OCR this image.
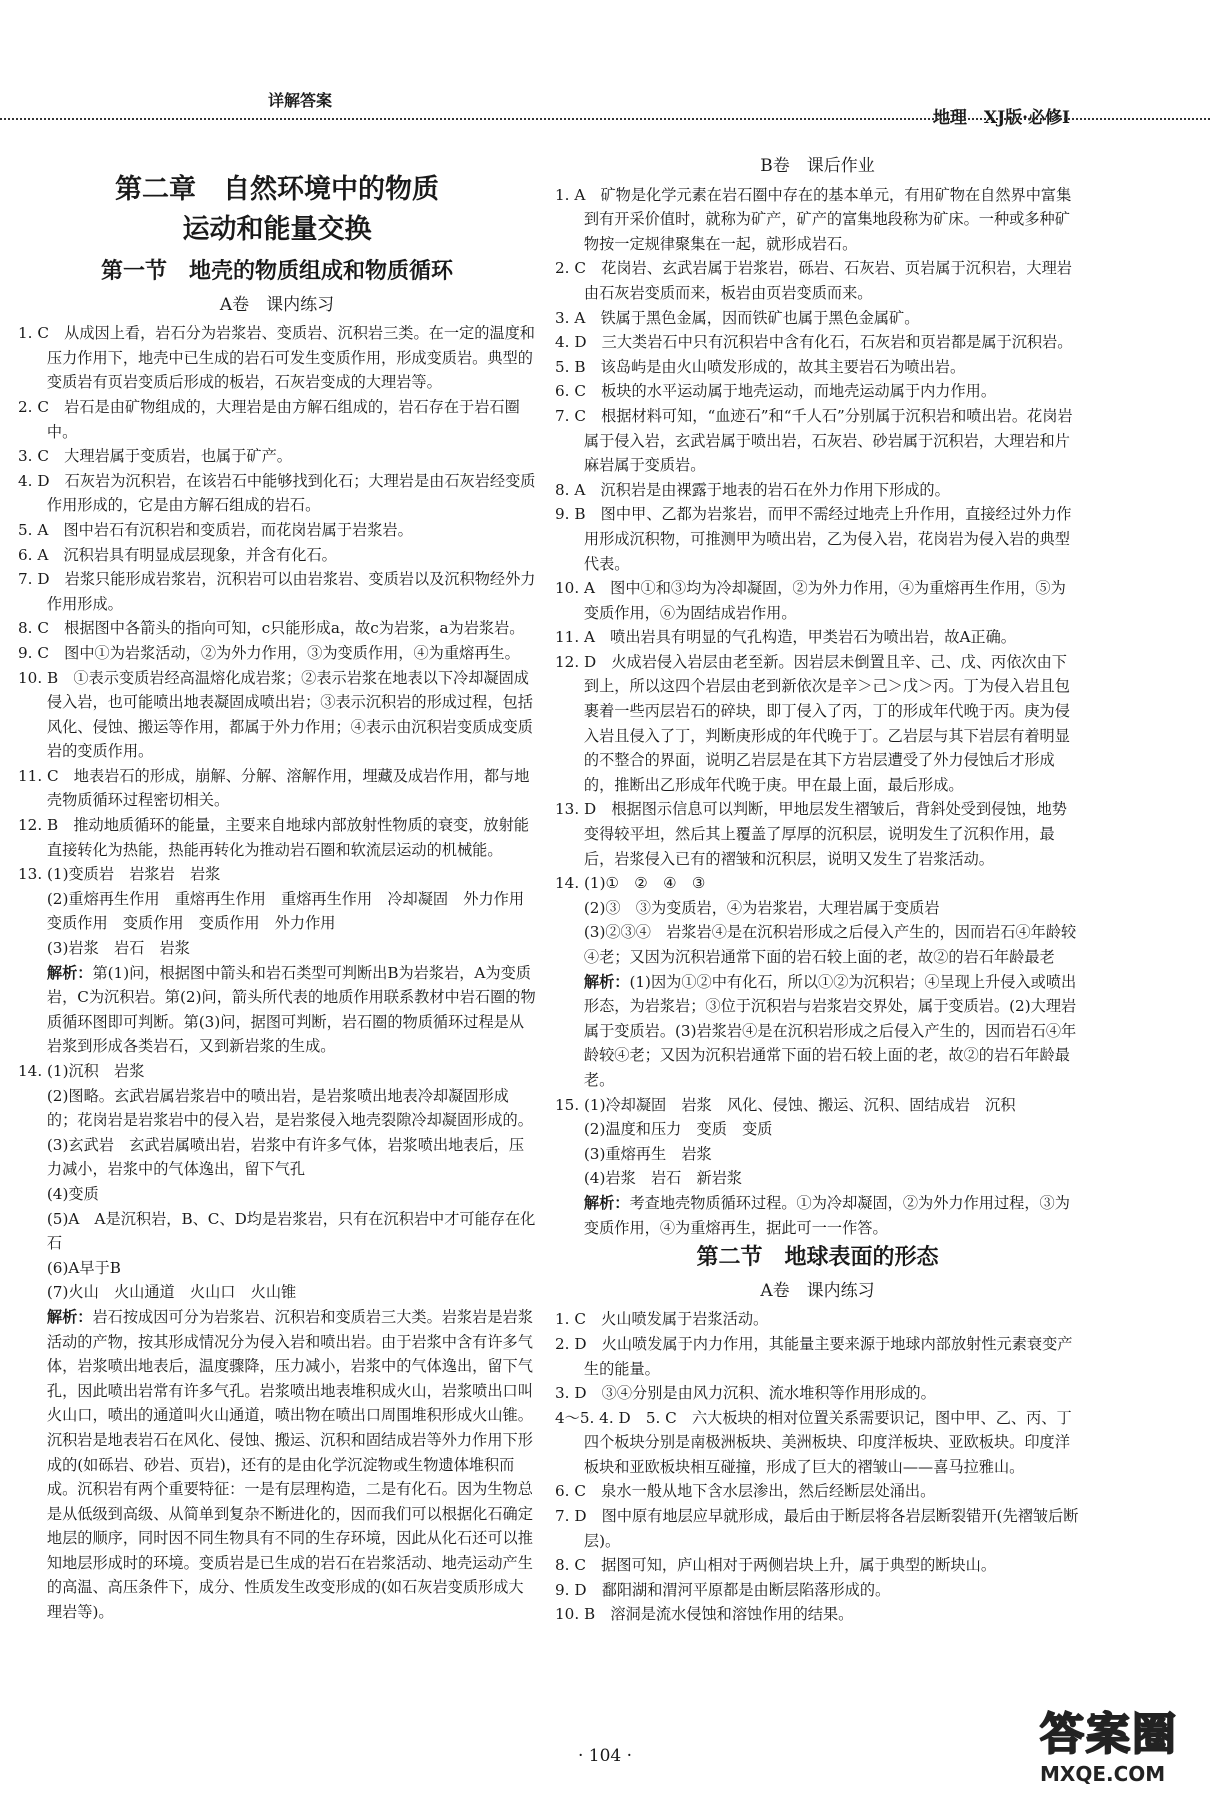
详解答案
地理　XJ版·必修Ⅰ
第二章　自然环境中的物质
运动和能量交换
第一节　地壳的物质组成和物质循环
A卷　课内练习

1. C　从成因上看，岩石分为岩浆岩、变质岩、沉积岩三类。在一定的温度和压力作用下，地壳中已生成的岩石可发生变质作用，形成变质岩。典型的变质岩有页岩变质后形成的板岩，石灰岩变成的大理岩等。

2. C　岩石是由矿物组成的，大理岩是由方解石组成的，岩石存在于岩石圈中。

3. C　大理岩属于变质岩，也属于矿产。

4. D　石灰岩为沉积岩，在该岩石中能够找到化石；大理岩是由石灰岩经变质作用形成的，它是由方解石组成的岩石。

5. A　图中岩石有沉积岩和变质岩，而花岗岩属于岩浆岩。

6. A　沉积岩具有明显成层现象，并含有化石。

7. D　岩浆只能形成岩浆岩，沉积岩可以由岩浆岩、变质岩以及沉积物经外力作用形成。

8. C　根据图中各箭头的指向可知，c只能形成a，故c为岩浆，a为岩浆岩。

9. C　图中①为岩浆活动，②为外力作用，③为变质作用，④为重熔再生。

10. B　①表示变质岩经高温熔化成岩浆；②表示岩浆在地表以下冷却凝固成侵入岩，也可能喷出地表凝固成喷出岩；③表示沉积岩的形成过程，包括风化、侵蚀、搬运等作用，都属于外力作用；④表示由沉积岩变质成变质岩的变质作用。

11. C　地表岩石的形成，崩解、分解、溶解作用，埋藏及成岩作用，都与地壳物质循环过程密切相关。

12. B　推动地质循环的能量，主要来自地球内部放射性物质的衰变，放射能直接转化为热能，热能再转化为推动岩石圈和软流层运动的机械能。

13. (1)变质岩　岩浆岩　岩浆

(2)重熔再生作用　重熔再生作用　重熔再生作用　冷却凝固　外力作用　变质作用　变质作用　变质作用　外力作用

(3)岩浆　岩石　岩浆

解析：第(1)问，根据图中箭头和岩石类型可判断出B为岩浆岩，A为变质岩，C为沉积岩。第(2)问，箭头所代表的地质作用联系教材中岩石圈的物质循环图即可判断。第(3)问，据图可判断，岩石圈的物质循环过程是从岩浆到形成各类岩石，又到新岩浆的生成。

14. (1)沉积　岩浆

(2)图略。玄武岩属岩浆岩中的喷出岩，是岩浆喷出地表冷却凝固形成的；花岗岩是岩浆岩中的侵入岩，是岩浆侵入地壳裂隙冷却凝固形成的。

(3)玄武岩　玄武岩属喷出岩，岩浆中有许多气体，岩浆喷出地表后，压力减小，岩浆中的气体逸出，留下气孔

(4)变质

(5)A　A是沉积岩，B、C、D均是岩浆岩，只有在沉积岩中才可能存在化石

(6)A早于B

(7)火山　火山通道　火山口　火山锥

解析：岩石按成因可分为岩浆岩、沉积岩和变质岩三大类。岩浆岩是岩浆活动的产物，按其形成情况分为侵入岩和喷出岩。由于岩浆中含有许多气体，岩浆喷出地表后，温度骤降，压力减小，岩浆中的气体逸出，留下气孔，因此喷出岩常有许多气孔。岩浆喷出地表堆积成火山，岩浆喷出口叫火山口，喷出的通道叫火山通道，喷出物在喷出口周围堆积形成火山锥。沉积岩是地表岩石在风化、侵蚀、搬运、沉积和固结成岩等外力作用下形成的(如砾岩、砂岩、页岩)，还有的是由化学沉淀物或生物遗体堆积而成。沉积岩有两个重要特征：一是有层理构造，二是有化石。因为生物总是从低级到高级、从简单到复杂不断进化的，因而我们可以根据化石确定地层的顺序，同时因不同生物具有不同的生存环境，因此从化石还可以推知地层形成时的环境。变质岩是已生成的岩石在岩浆活动、地壳运动产生的高温、高压条件下，成分、性质发生改变形成的(如石灰岩变质形成大理岩等)。

B卷　课后作业

1. A　矿物是化学元素在岩石圈中存在的基本单元，有用矿物在自然界中富集到有开采价值时，就称为矿产，矿产的富集地段称为矿床。一种或多种矿物按一定规律聚集在一起，就形成岩石。

2. C　花岗岩、玄武岩属于岩浆岩，砾岩、石灰岩、页岩属于沉积岩，大理岩由石灰岩变质而来，板岩由页岩变质而来。

3. A　铁属于黑色金属，因而铁矿也属于黑色金属矿。

4. D　三大类岩石中只有沉积岩中含有化石，石灰岩和页岩都是属于沉积岩。

5. B　该岛屿是由火山喷发形成的，故其主要岩石为喷出岩。

6. C　板块的水平运动属于地壳运动，而地壳运动属于内力作用。

7. C　根据材料可知，“血迹石”和“千人石”分别属于沉积岩和喷出岩。花岗岩属于侵入岩，玄武岩属于喷出岩，石灰岩、砂岩属于沉积岩，大理岩和片麻岩属于变质岩。

8. A　沉积岩是由裸露于地表的岩石在外力作用下形成的。

9. B　图中甲、乙都为岩浆岩，而甲不需经过地壳上升作用，直接经过外力作用形成沉积物，可推测甲为喷出岩，乙为侵入岩，花岗岩为侵入岩的典型代表。

10. A　图中①和③均为冷却凝固，②为外力作用，④为重熔再生作用，⑤为变质作用，⑥为固结成岩作用。

11. A　喷出岩具有明显的气孔构造，甲类岩石为喷出岩，故A正确。

12. D　火成岩侵入岩层由老至新。因岩层未倒置且辛、己、戊、丙依次由下到上，所以这四个岩层由老到新依次是辛＞己＞戊＞丙。丁为侵入岩且包裹着一些丙层岩石的碎块，即丁侵入了丙，丁的形成年代晚于丙。庚为侵入岩且侵入了丁，判断庚形成的年代晚于丁。乙岩层与其下岩层有着明显的不整合的界面，说明乙岩层是在其下方岩层遭受了外力侵蚀后才形成的，推断出乙形成年代晚于庚。甲在最上面，最后形成。

13. D　根据图示信息可以判断，甲地层发生褶皱后，背斜处受到侵蚀，地势变得较平坦，然后其上覆盖了厚厚的沉积层，说明发生了沉积作用，最后，岩浆侵入已有的褶皱和沉积层，说明又发生了岩浆活动。

14. (1)①　②　④　③

(2)③　③为变质岩，④为岩浆岩，大理岩属于变质岩

(3)②③④　岩浆岩④是在沉积岩形成之后侵入产生的，因而岩石④年龄较④老；又因为沉积岩通常下面的岩石较上面的老，故②的岩石年龄最老

解析：(1)因为①②中有化石，所以①②为沉积岩；④呈现上升侵入或喷出形态，为岩浆岩；③位于沉积岩与岩浆岩交界处，属于变质岩。(2)大理岩属于变质岩。(3)岩浆岩④是在沉积岩形成之后侵入产生的，因而岩石④年龄较④老；又因为沉积岩通常下面的岩石较上面的老，故②的岩石年龄最老。

15. (1)冷却凝固　岩浆　风化、侵蚀、搬运、沉积、固结成岩　沉积

(2)温度和压力　变质　变质

(3)重熔再生　岩浆

(4)岩浆　岩石　新岩浆

解析：考查地壳物质循环过程。①为冷却凝固，②为外力作用过程，③为变质作用，④为重熔再生，据此可一一作答。

第二节　地球表面的形态
A卷　课内练习

1. C　火山喷发属于岩浆活动。

2. D　火山喷发属于内力作用，其能量主要来源于地球内部放射性元素衰变产生的能量。

3. D　③④分别是由风力沉积、流水堆积等作用形成的。

4～5. 4. D　5. C　六大板块的相对位置关系需要识记，图中甲、乙、丙、丁四个板块分别是南极洲板块、美洲板块、印度洋板块、亚欧板块。印度洋板块和亚欧板块相互碰撞，形成了巨大的褶皱山——喜马拉雅山。

6. C　泉水一般从地下含水层渗出，然后经断层处涌出。

7. D　图中原有地层应早就形成，最后由于断层将各岩层断裂错开(先褶皱后断层)。

8. C　据图可知，庐山相对于两侧岩块上升，属于典型的断块山。

9. D　鄱阳湖和渭河平原都是由断层陷落形成的。

10. B　溶洞是流水侵蚀和溶蚀作用的结果。

· 104 ·	答案圈
MXQE.COM
